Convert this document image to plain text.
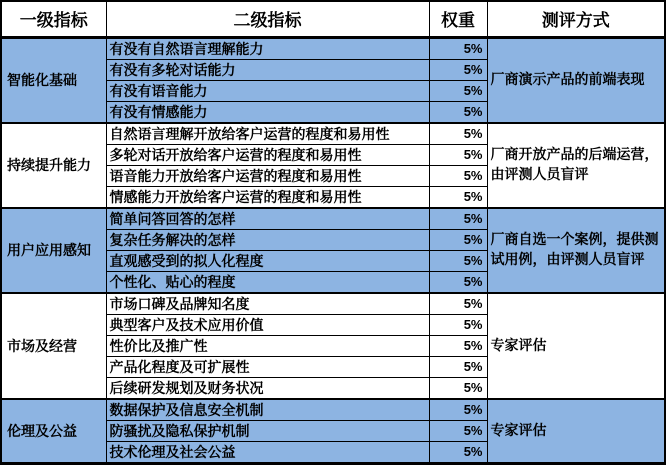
一级指标	二级指标	权重	测评方式
智能化基础	有没有自然语言理解能力	5%	厂商演示产品的前端表现
	有没有多轮对话能力	5%	
	有没有语音能力	5%	
	有没有情感能力	5%	
持续提升能力	自然语言理解开放给客户运营的程度和易用性	5%	厂商开放产品的后端运营，由评测人员盲评
	多轮对话开放给客户运营的程度和易用性	5%	
	语音能力开放给客户运营的程度和易用性	5%	
	情感能力开放给客户运营的程度和易用性	5%	
用户应用感知	简单问答回答的怎样	5%	厂商自选一个案例，提供测试用例，由评测人员盲评
	复杂任务解决的怎样	5%	
	直观感受到的拟人化程度	5%	
	个性化、贴心的程度	5%	
市场及经营	市场口碑及品牌知名度	5%	专家评估
	典型客户及技术应用价值	5%	
	性价比及推广性	5%	
	产品化程度及可扩展性	5%	
	后续研发规划及财务状况	5%	
伦理及公益	数据保护及信息安全机制	5%	专家评估
	防骚扰及隐私保护机制	5%	
	技术伦理及社会公益	5%	
